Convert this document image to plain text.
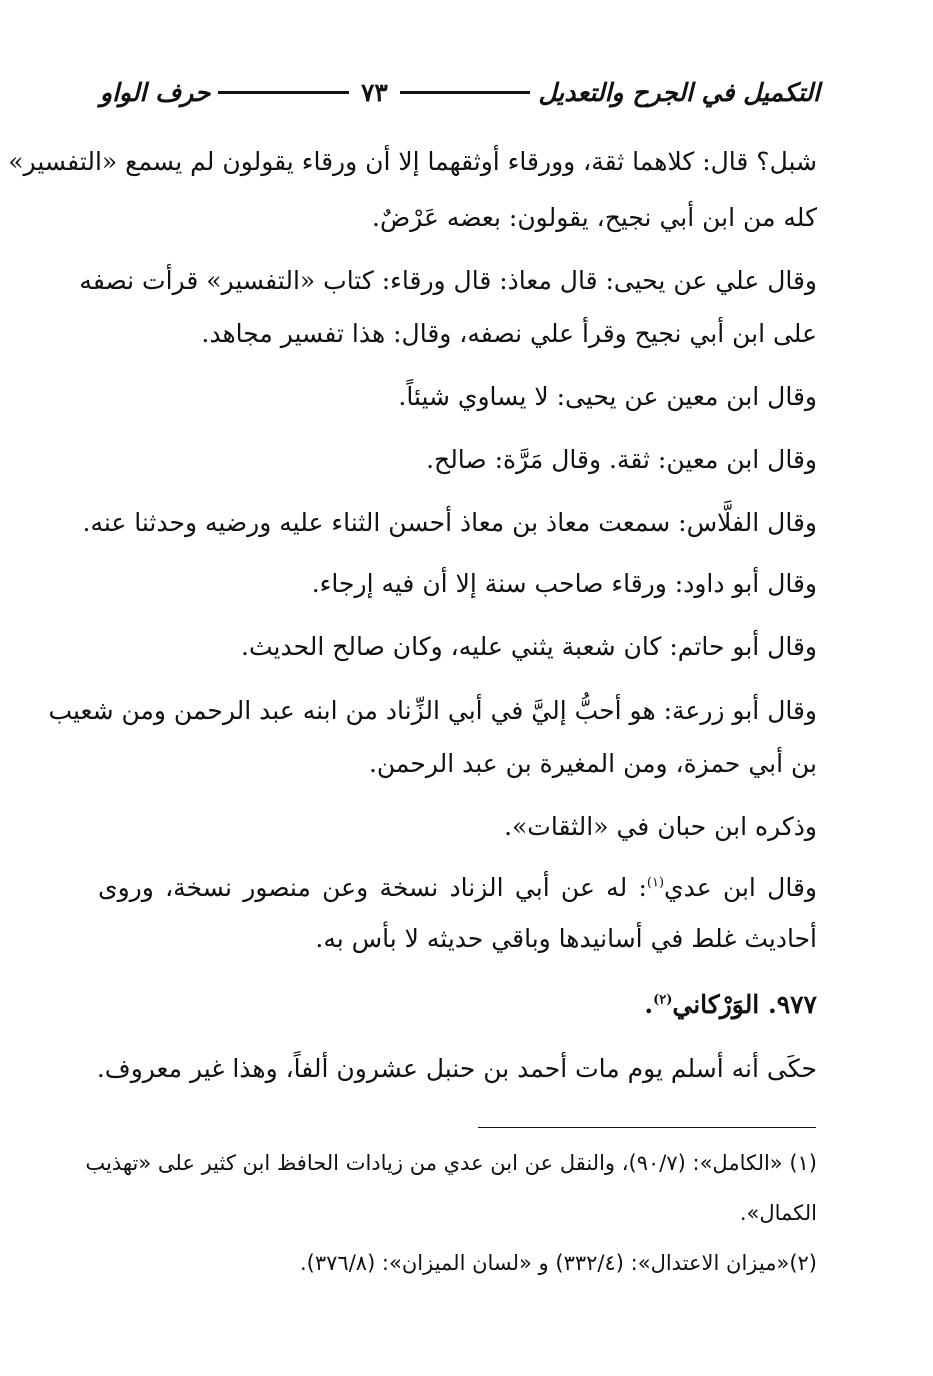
التكميل في الجرح والتعديل
٧٣
حرف الواو
شبل؟ قال: كلاهما ثقة، وورقاء أوثقهما إلا أن ورقاء يقولون لم يسمع «التفسير»
كله من ابن أبي نجيح، يقولون: بعضه عَرْضٌ.
وقال علي عن يحيى: قال معاذ: قال ورقاء: كتاب «التفسير» قرأت نصفه
على ابن أبي نجيح وقرأ علي نصفه، وقال: هذا تفسير مجاهد.
وقال ابن معين عن يحيى: لا يساوي شيئاً.
وقال ابن معين: ثقة. وقال مَرَّة: صالح.
وقال الفلَّاس: سمعت معاذ بن معاذ أحسن الثناء عليه ورضيه وحدثنا عنه.
وقال أبو داود: ورقاء صاحب سنة إلا أن فيه إرجاء.
وقال أبو حاتم: كان شعبة يثني عليه، وكان صالح الحديث.
وقال أبو زرعة: هو أحبُّ إليَّ في أبي الزِّناد من ابنه عبد الرحمن ومن شعيب
بن أبي حمزة، ومن المغيرة بن عبد الرحمن.
وذكره ابن حبان في «الثقات».
وقال ابن عدي$^{(١)}$: له عن أبي الزناد نسخة وعن منصور نسخة، وروى
أحاديث غلط في أسانيدها وباقي حديثه لا بأس به.
٩٧٧. الوَرْكاني$^{(٢)}$.
حكَى أنه أسلم يوم مات أحمد بن حنبل عشرون ألفاً، وهذا غير معروف.
(١) «الكامل»: (٩٠/٧)، والنقل عن ابن عدي من زيادات الحافظ ابن كثير على «تهذيب
الكمال».
(٢)«ميزان الاعتدال»: (٣٣٢/٤) و «لسان الميزان»: (٣٧٦/٨).
